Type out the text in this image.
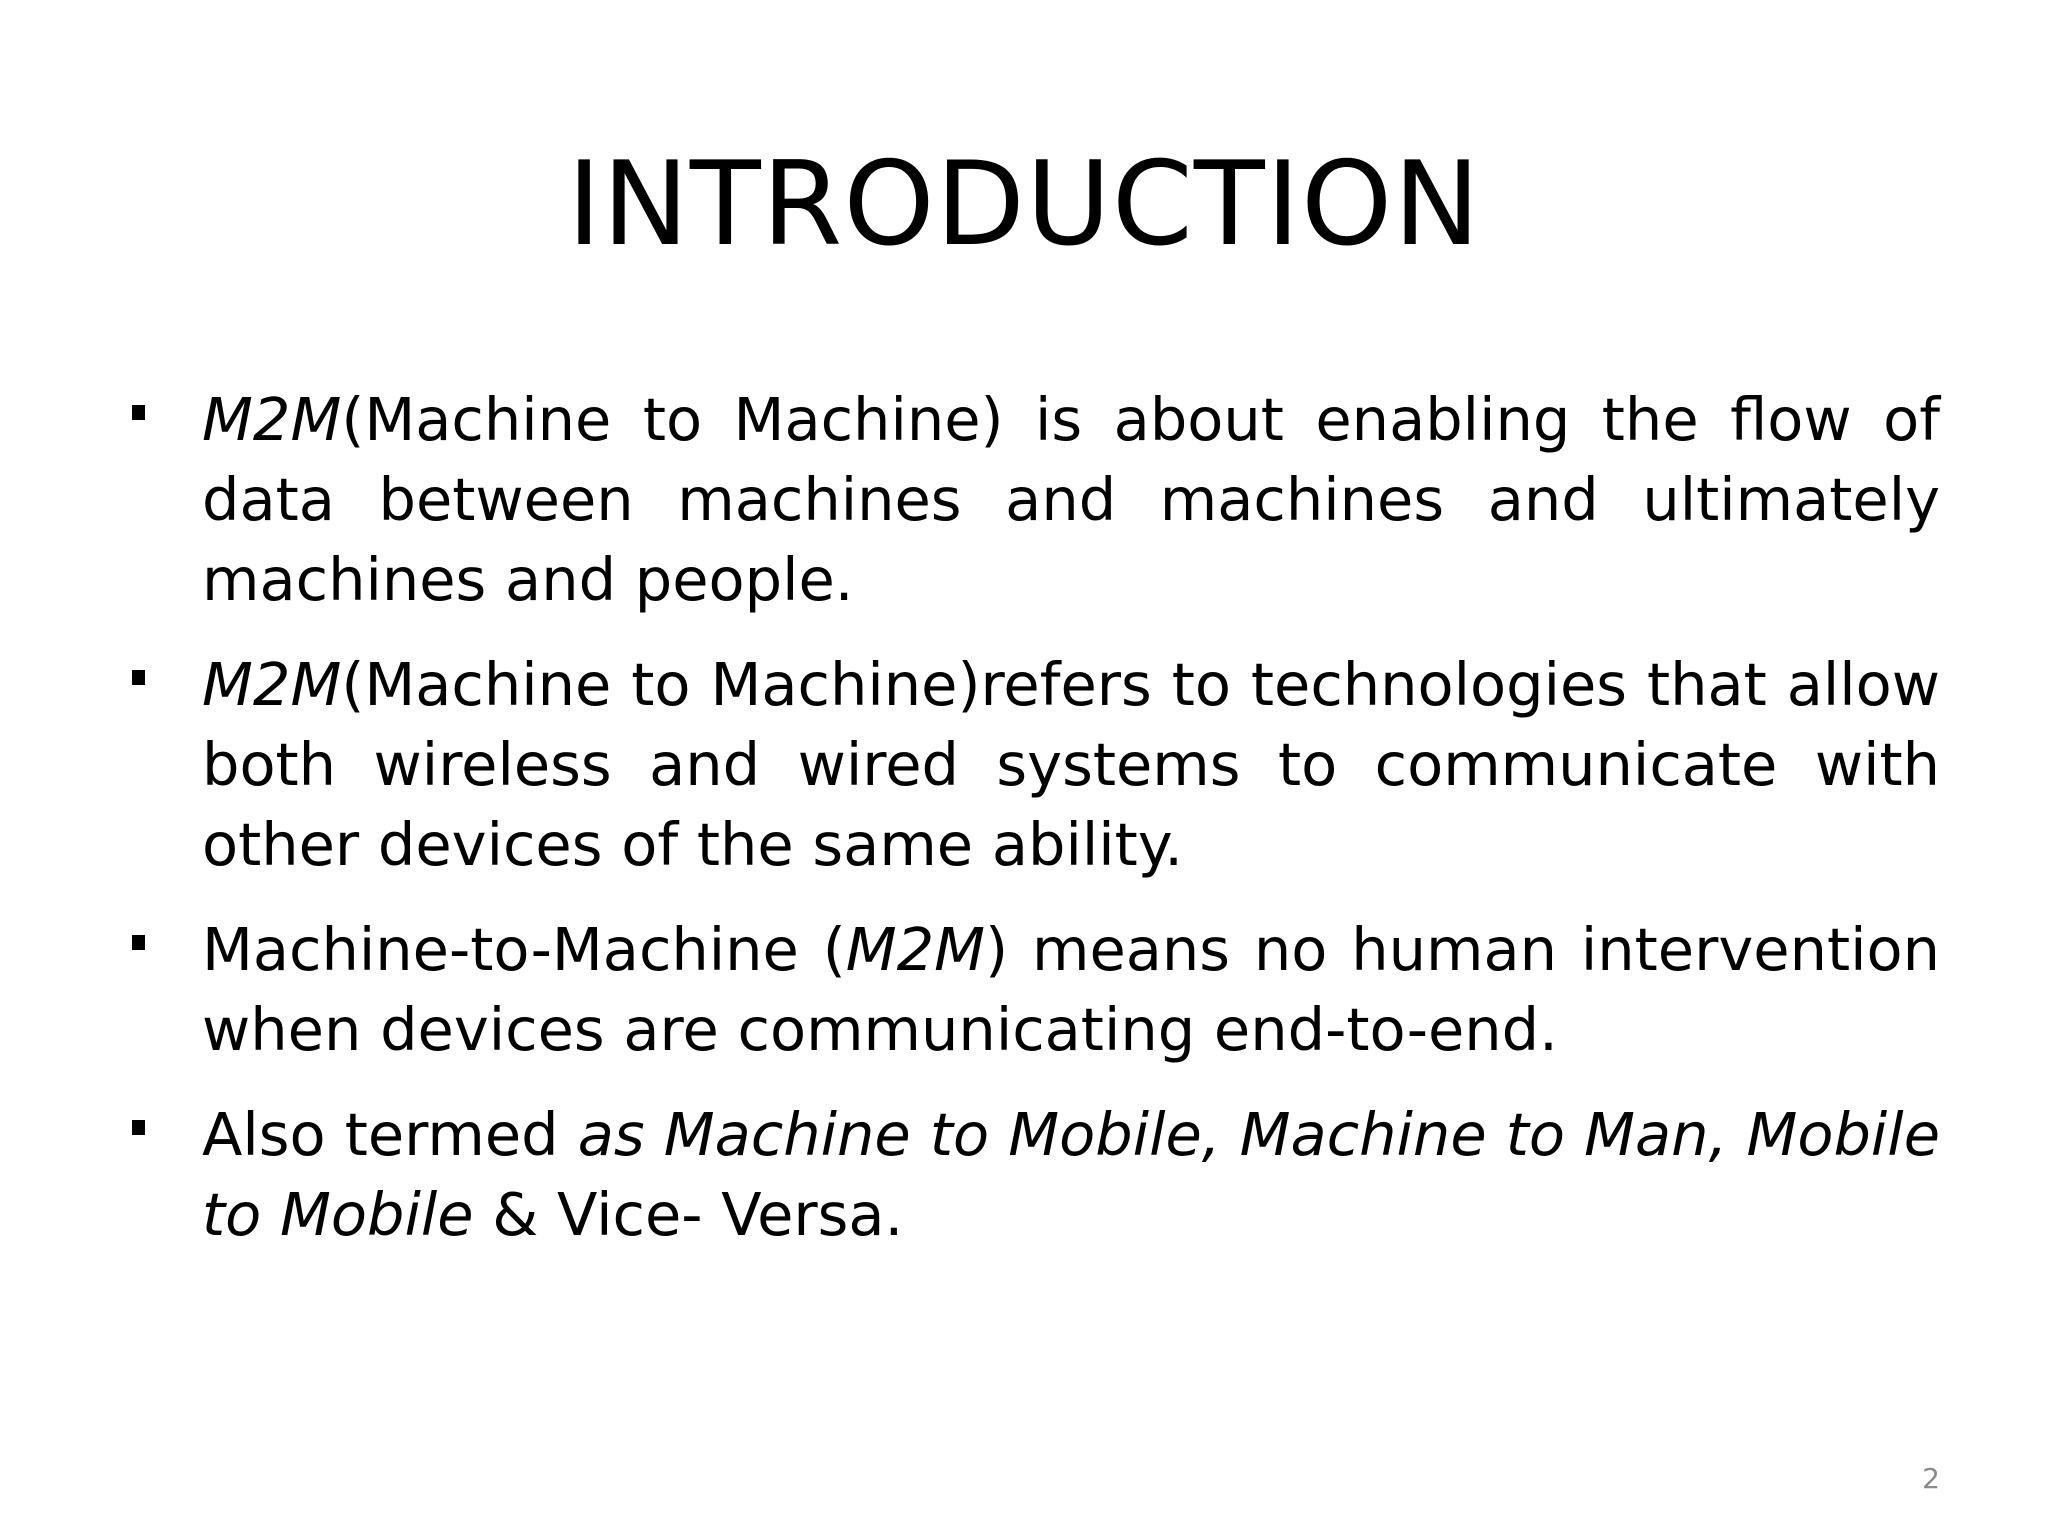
INTRODUCTION
M2M(Machine to Machine) is about enabling the flow of data between machines and machines and ultimately machines and people.
M2M(Machine to Machine)refers to technologies that allow both wireless and wired systems to communicate with other devices of the same ability.
Machine-to-Machine (M2M) means no human intervention when devices are communicating end-to-end.
Also termed as Machine to Mobile, Machine to Man, Mobile to Mobile & Vice- Versa.
2
